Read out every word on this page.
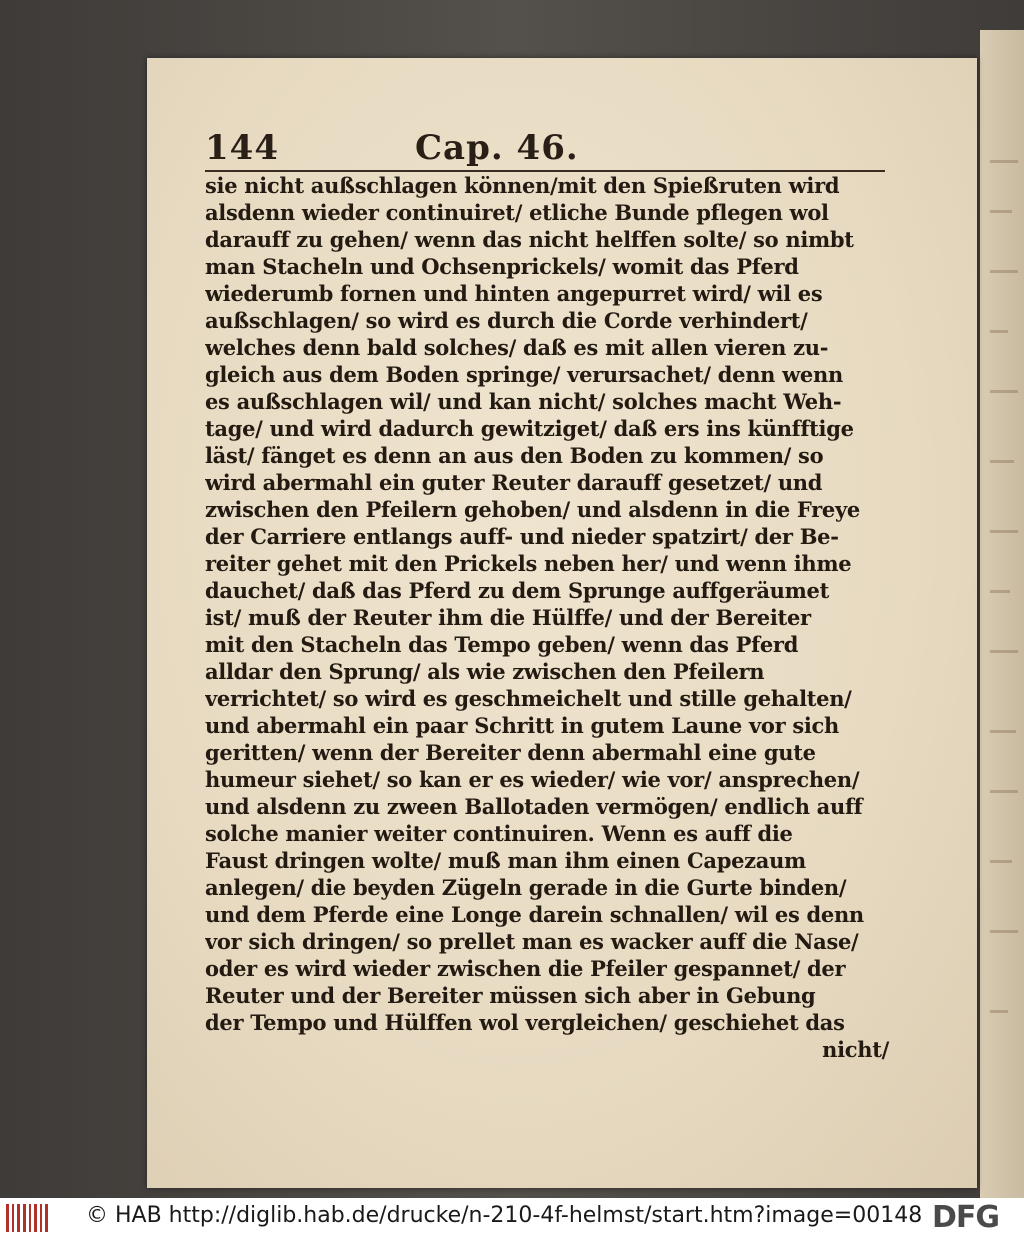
144	Cap. 46.
sie nicht außschlagen können/mit den Spießruten wird
alsdenn wieder continuiret/ etliche Bunde pflegen wol
darauff zu gehen/ wenn das nicht helffen solte/ so nimbt
man Stacheln und Ochsenprickels/ womit das Pferd
wiederumb fornen und hinten angepurret wird/ wil es
außschlagen/ so wird es durch die Corde verhindert/
welches denn bald solches/ daß es mit allen vieren zu-
gleich aus dem Boden springe/ verursachet/ denn wenn
es außschlagen wil/ und kan nicht/ solches macht Weh-
tage/ und wird dadurch gewitziget/ daß ers ins künfftige
läst/ fänget es denn an aus den Boden zu kommen/ so
wird abermahl ein guter Reuter darauff gesetzet/ und
zwischen den Pfeilern gehoben/ und alsdenn in die Freye
der Carriere entlangs auff- und nieder spatzirt/ der Be-
reiter gehet mit den Prickels neben her/ und wenn ihme
dauchet/ daß das Pferd zu dem Sprunge auffgeräumet
ist/ muß der Reuter ihm die Hülffe/ und der Bereiter
mit den Stacheln das Tempo geben/ wenn das Pferd
alldar den Sprung/ als wie zwischen den Pfeilern
verrichtet/ so wird es geschmeichelt und stille gehalten/
und abermahl ein paar Schritt in gutem Laune vor sich
geritten/ wenn der Bereiter denn abermahl eine gute
humeur siehet/ so kan er es wieder/ wie vor/ ansprechen/
und alsdenn zu zween Ballotaden vermögen/ endlich auff
solche manier weiter continuiren. Wenn es auff die
Faust dringen wolte/ muß man ihm einen Capezaum
anlegen/ die beyden Zügeln gerade in die Gurte binden/
und dem Pferde eine Longe darein schnallen/ wil es denn
vor sich dringen/ so prellet man es wacker auff die Nase/
oder es wird wieder zwischen die Pfeiler gespannet/ der
Reuter und der Bereiter müssen sich aber in Gebung
der Tempo und Hülffen wol vergleichen/ geschiehet das
nicht/
© HAB http://diglib.hab.de/drucke/n-210-4f-helmst/start.htm?image=00148 DFG
